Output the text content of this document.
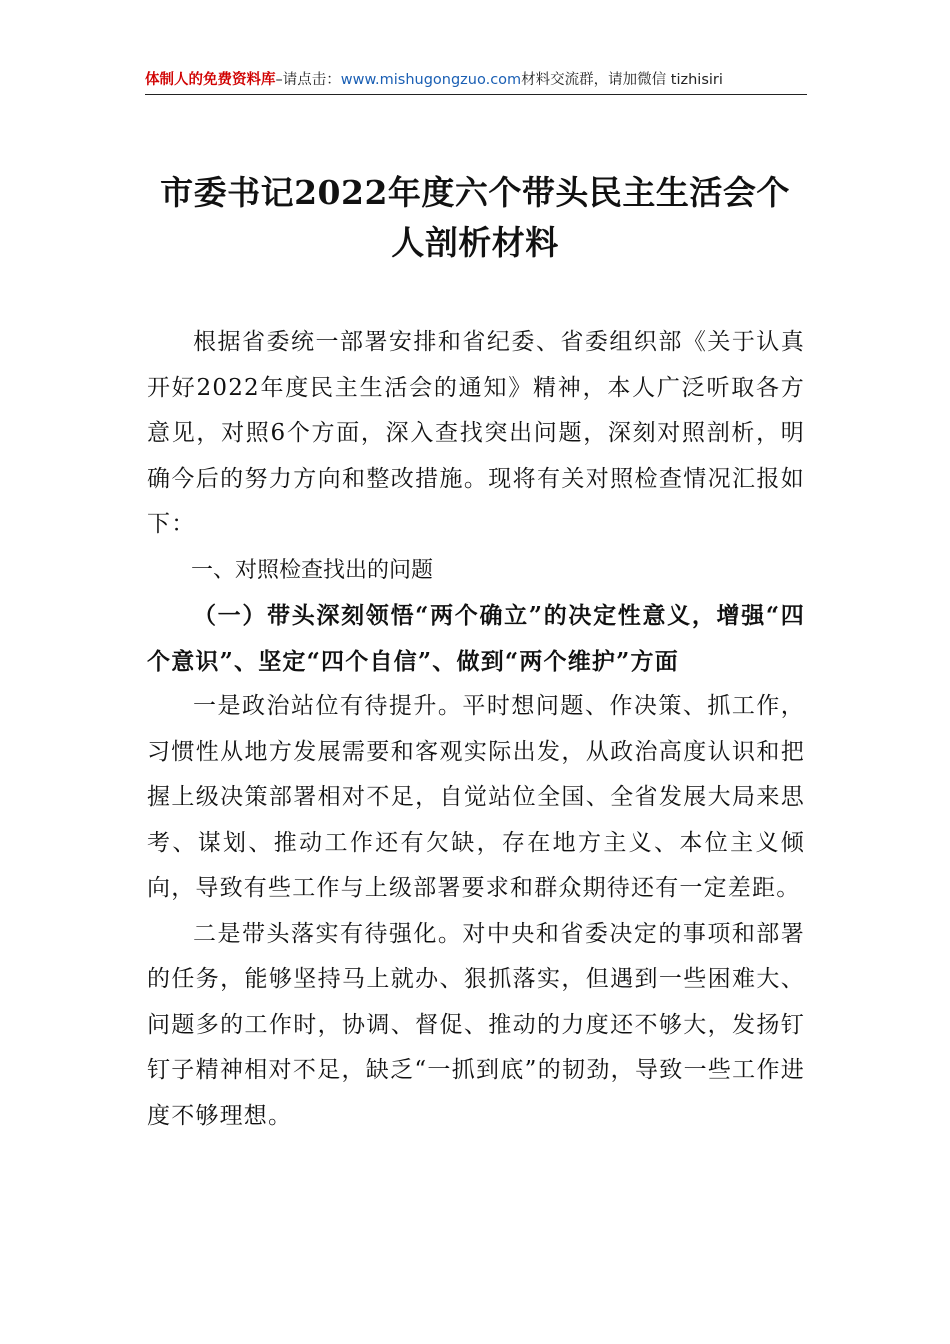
体制人的免费资料库–请点击：www.mishugongzuo.com材料交流群，请加微信 tizhisiri
市委书记2022年度六个带头民主生活会个
人剖析材料

根据省委统一部署安排和省纪委、省委组织部《关于认真开好2022年度民主生活会的通知》精神，本人广泛听取各方意见，对照6个方面，深入查找突出问题，深刻对照剖析，明确今后的努力方向和整改措施。现将有关对照检查情况汇报如下：

一、对照检查找出的问题

（一）带头深刻领悟“两个确立”的决定性意义，增强“四个意识”、坚定“四个自信”、做到“两个维护”方面

一是政治站位有待提升。平时想问题、作决策、抓工作，习惯性从地方发展需要和客观实际出发，从政治高度认识和把握上级决策部署相对不足，自觉站位全国、全省发展大局来思考、谋划、推动工作还有欠缺，存在地方主义、本位主义倾向，导致有些工作与上级部署要求和群众期待还有一定差距。

二是带头落实有待强化。对中央和省委决定的事项和部署的任务，能够坚持马上就办、狠抓落实，但遇到一些困难大、问题多的工作时，协调、督促、推动的力度还不够大，发扬钉钉子精神相对不足，缺乏“一抓到底”的韧劲，导致一些工作进度不够理想。
